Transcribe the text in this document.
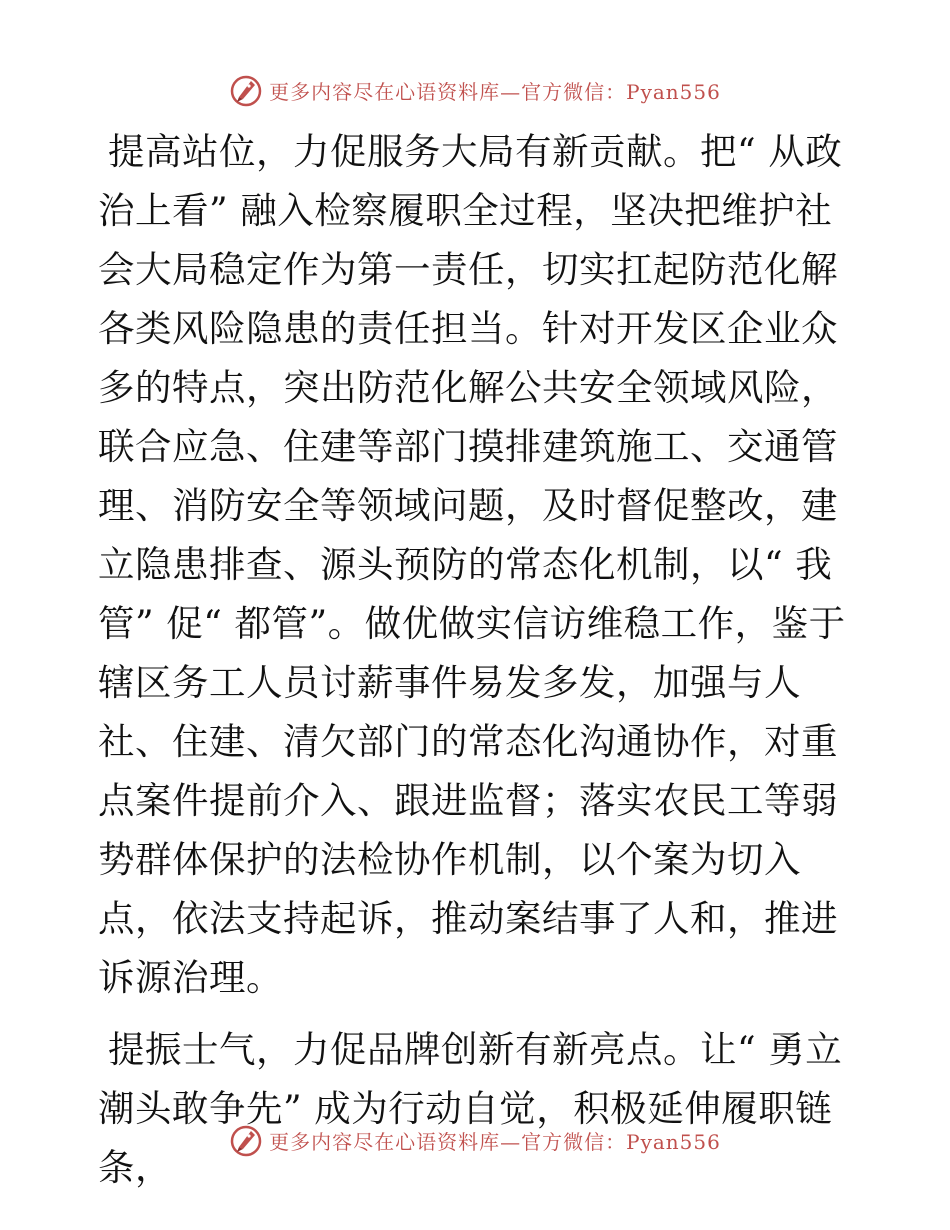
更多内容尽在心语资料库—官方微信：Pyan556

提高站位，力促服务大局有新贡献。把“ 从政治上看” 融入检察履职全过程，坚决把维护社会大局稳定作为第一责任，切实扛起防范化解各类风险隐患的责任担当。针对开发区企业众多的特点，突出防范化解公共安全领域风险，联合应急、住建等部门摸排建筑施工、交通管理、消防安全等领域问题，及时督促整改，建立隐患排查、源头预防的常态化机制，以“ 我管” 促“ 都管”。做优做实信访维稳工作，鉴于辖区务工人员讨薪事件易发多发，加强与人社、住建、清欠部门的常态化沟通协作，对重点案件提前介入、跟进监督；落实农民工等弱势群体保护的法检协作机制，以个案为切入点，依法支持起诉，推动案结事了人和，推进诉源治理。

提振士气，力促品牌创新有新亮点。让“ 勇立潮头敢争先” 成为行动自觉，积极延伸履职链条，

更多内容尽在心语资料库—官方微信：Pyan556
